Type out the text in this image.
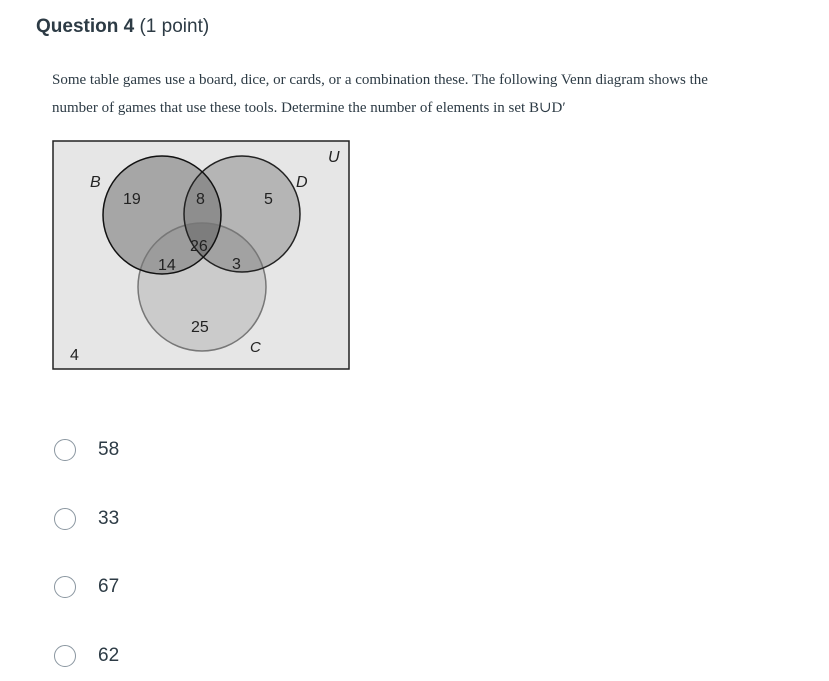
Question 4 (1 point)
Some table games use a board, dice, or cards, or a combination these. The following Venn diagram shows the
number of games that use these tools. Determine the number of elements in set B∪D′
U
B	D
C
19	8	5
26
14	3
25
4
58
33
67
62
